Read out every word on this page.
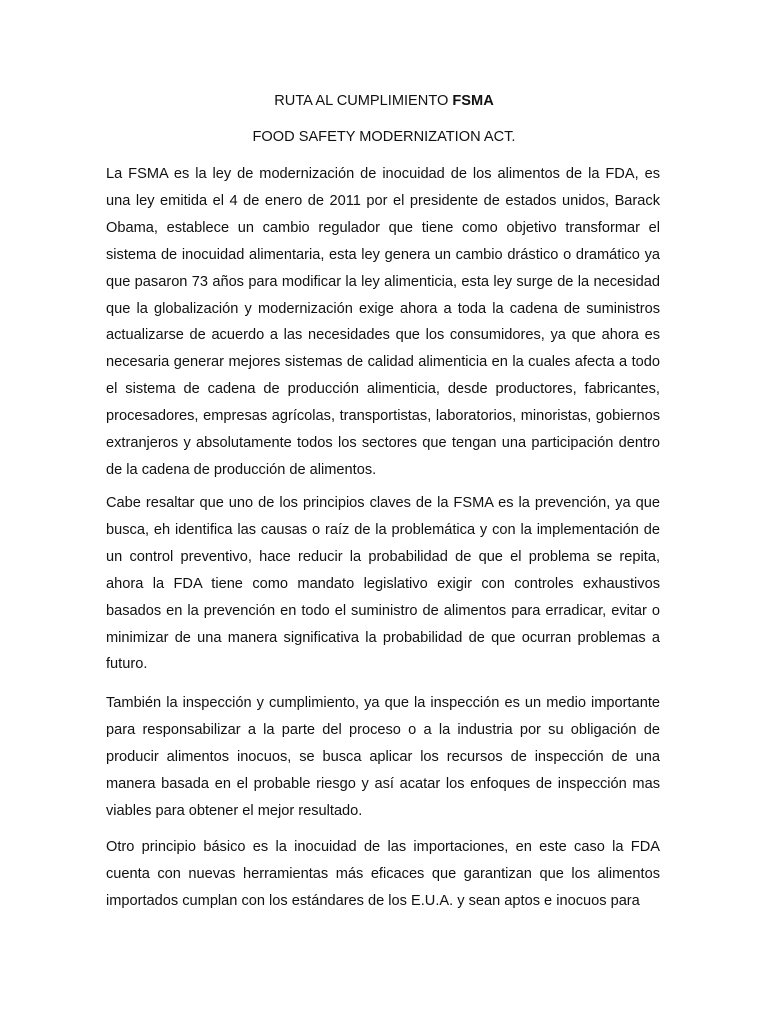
RUTA AL CUMPLIMIENTO FSMA
FOOD SAFETY MODERNIZATION ACT.

La FSMA es la ley de modernización de inocuidad de los alimentos de la FDA, es una ley emitida el 4 de enero de 2011 por el presidente de estados unidos, Barack Obama, establece un cambio regulador que tiene como objetivo transformar el sistema de inocuidad alimentaria, esta ley genera un cambio drástico o dramático ya que pasaron 73 años para modificar la ley alimenticia, esta ley surge de la necesidad que la globalización y modernización exige ahora a toda la cadena de suministros actualizarse de acuerdo a las necesidades que los consumidores, ya que ahora es necesaria generar mejores sistemas de calidad alimenticia en la cuales afecta a todo el sistema de cadena de producción alimenticia, desde productores, fabricantes, procesadores, empresas agrícolas, transportistas, laboratorios, minoristas, gobiernos extranjeros y absolutamente todos los sectores que tengan una participación dentro de la cadena de producción de alimentos.

Cabe resaltar que uno de los principios claves de la FSMA es la prevención, ya que busca, eh identifica las causas o raíz de la problemática y con la implementación de un control preventivo, hace reducir la probabilidad de que el problema se repita, ahora la FDA tiene como mandato legislativo exigir con controles exhaustivos basados en la prevención en todo el suministro de alimentos para erradicar, evitar o minimizar de una manera significativa la probabilidad de que ocurran problemas a futuro.

También la inspección y cumplimiento, ya que la inspección es un medio importante para responsabilizar a la parte del proceso o a la industria por su obligación de producir alimentos inocuos, se busca aplicar los recursos de inspección de una manera basada en el probable riesgo y así acatar los enfoques de inspección mas viables para obtener el mejor resultado.

Otro principio básico es la inocuidad de las importaciones, en este caso la FDA cuenta con nuevas herramientas más eficaces que garantizan que los alimentos importados cumplan con los estándares de los E.U.A. y sean aptos e inocuos para
